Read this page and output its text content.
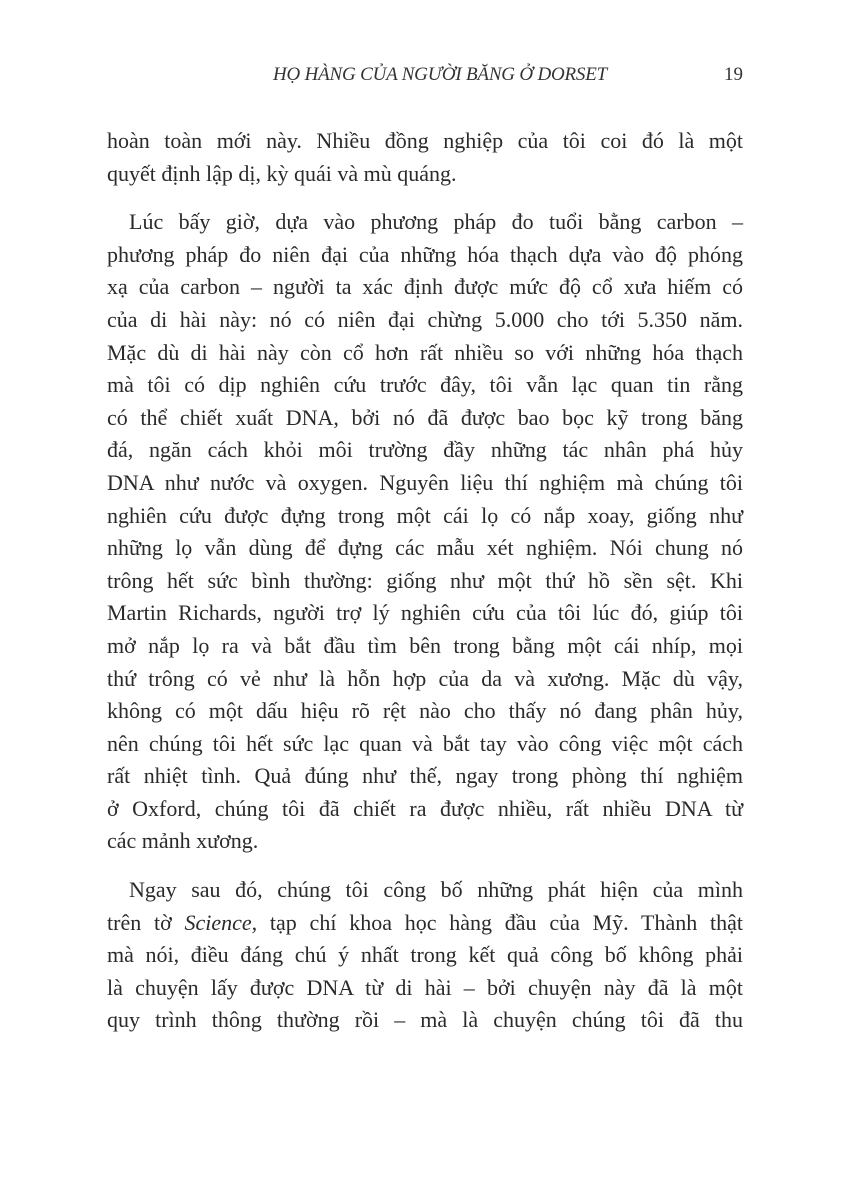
HỌ HÀNG CỦA NGƯỜI BĂNG Ở DORSET	19
hoàn toàn mới này. Nhiều đồng nghiệp của tôi coi đó là một
quyết định lập dị, kỳ quái và mù quáng.
Lúc bấy giờ, dựa vào phương pháp đo tuổi bằng carbon –
phương pháp đo niên đại của những hóa thạch dựa vào độ phóng
xạ của carbon – người ta xác định được mức độ cổ xưa hiếm có
của di hài này: nó có niên đại chừng 5.000 cho tới 5.350 năm.
Mặc dù di hài này còn cổ hơn rất nhiều so với những hóa thạch
mà tôi có dịp nghiên cứu trước đây, tôi vẫn lạc quan tin rằng
có thể chiết xuất DNA, bởi nó đã được bao bọc kỹ trong băng
đá, ngăn cách khỏi môi trường đầy những tác nhân phá hủy
DNA như nước và oxygen. Nguyên liệu thí nghiệm mà chúng tôi
nghiên cứu được đựng trong một cái lọ có nắp xoay, giống như
những lọ vẫn dùng để đựng các mẫu xét nghiệm. Nói chung nó
trông hết sức bình thường: giống như một thứ hồ sền sệt. Khi
Martin Richards, người trợ lý nghiên cứu của tôi lúc đó, giúp tôi
mở nắp lọ ra và bắt đầu tìm bên trong bằng một cái nhíp, mọi
thứ trông có vẻ như là hỗn hợp của da và xương. Mặc dù vậy,
không có một dấu hiệu rõ rệt nào cho thấy nó đang phân hủy,
nên chúng tôi hết sức lạc quan và bắt tay vào công việc một cách
rất nhiệt tình. Quả đúng như thế, ngay trong phòng thí nghiệm
ở Oxford, chúng tôi đã chiết ra được nhiều, rất nhiều DNA từ
các mảnh xương.
Ngay sau đó, chúng tôi công bố những phát hiện của mình
trên tờ Science, tạp chí khoa học hàng đầu của Mỹ. Thành thật
mà nói, điều đáng chú ý nhất trong kết quả công bố không phải
là chuyện lấy được DNA từ di hài – bởi chuyện này đã là một
quy trình thông thường rồi – mà là chuyện chúng tôi đã thu
